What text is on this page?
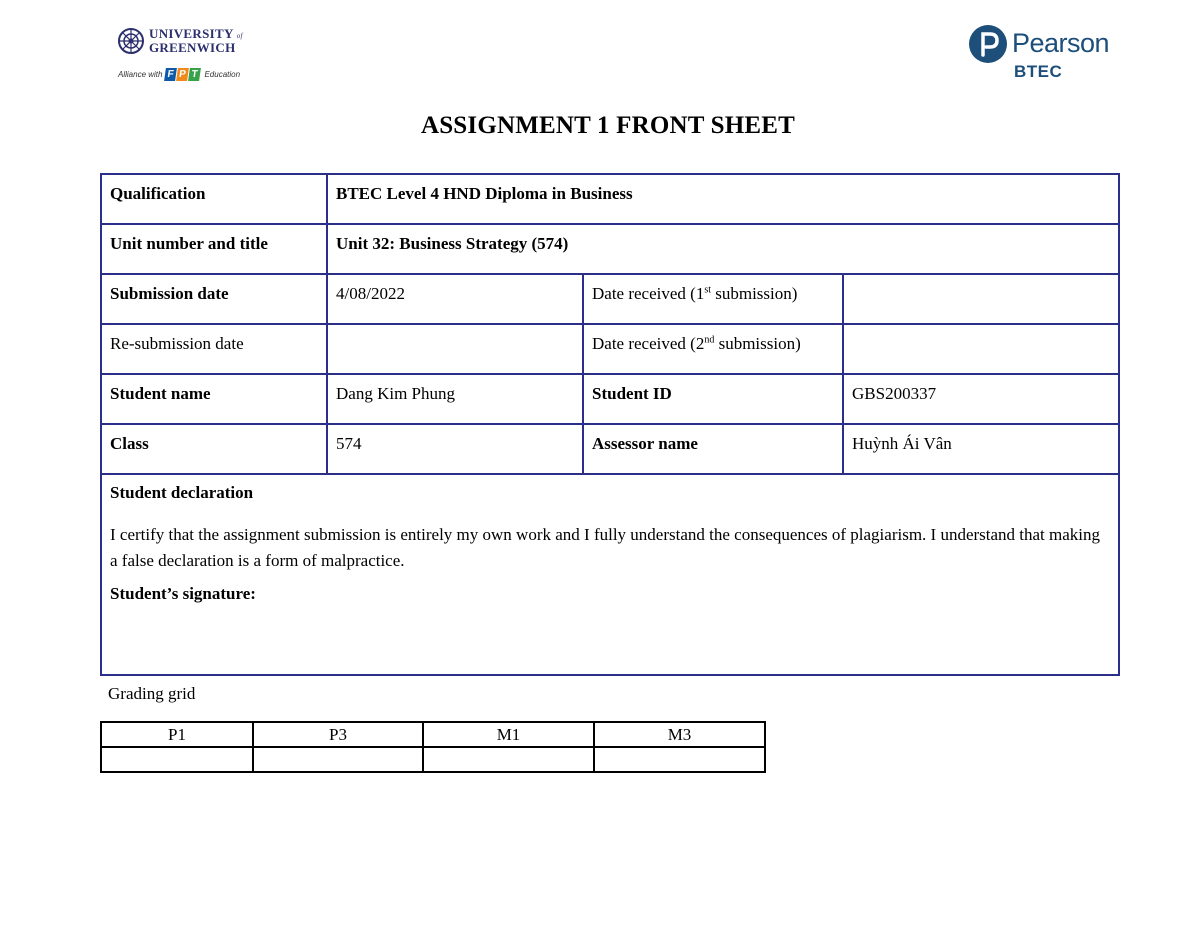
UNIVERSITY of
GREENWICH
Alliance with F P T Education
Pearson
BTEC
ASSIGNMENT 1 FRONT SHEET
Qualification	BTEC Level 4 HND Diploma in Business		
Unit number and title	Unit 32: Business Strategy (574)		
Submission date	4/08/2022	Date received (1st submission)	
Re-submission date		Date received (2nd submission)	
Student name	Dang Kim Phung	Student ID	GBS200337
Class	574	Assessor name	Huỳnh Ái Vân

Student declaration
I certify that the assignment submission is entirely my own work and I fully understand the consequences of plagiarism. I understand that making a false declaration is a form of malpractice.
Student’s signature:			
Grading grid
P1	P3	M1	M3
